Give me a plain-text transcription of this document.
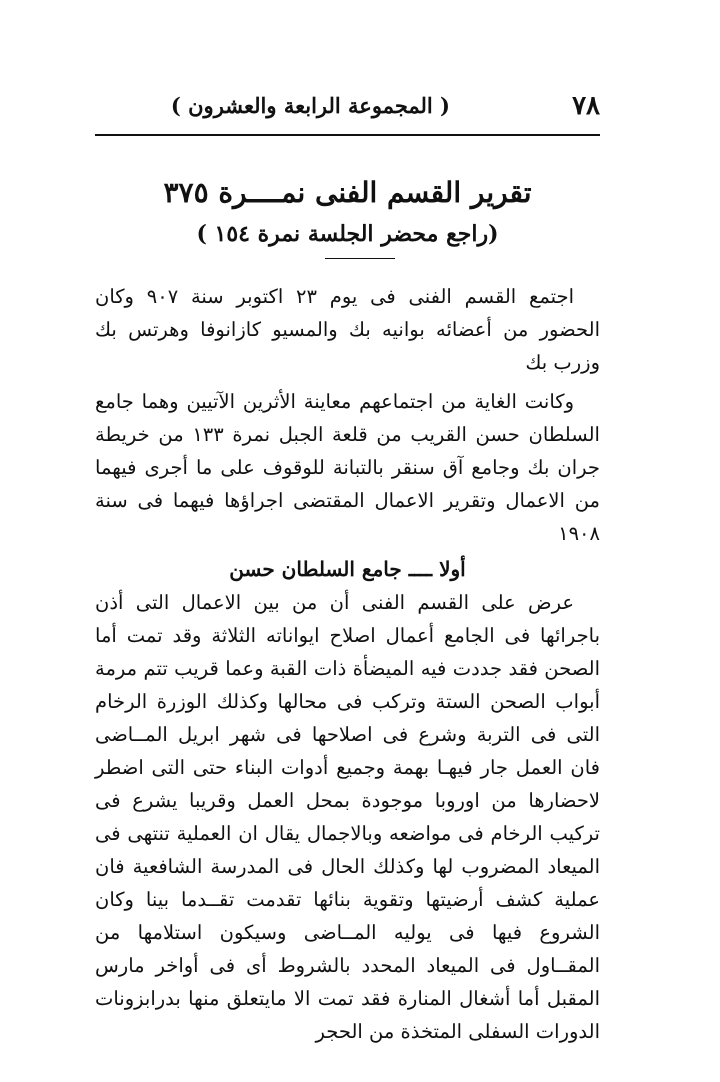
٧٨
( المجموعة الرابعة والعشرون )
تقرير القسم الفنى نمــــرة ٣٧٥
(راجع محضر الجلسة نمرة ١٥٤ )

اجتمع القسم الفنى فى يوم ٢٣ اكتوبر سنة ٩٠٧ وكان الحضور من أعضائه بوانيه بك والمسيو كازانوفا وهرتس بك وزرب بك

وكانت الغاية من اجتماعهم معاينة الأثرين الآتيين وهما جامع السلطان حسن القريب من قلعة الجبل نمرة ١٣٣ من خريطة جران بك وجامع آق سنقر بالتبانة للوقوف على ما أجرى فيهما من الاعمال وتقرير الاعمال المقتضى اجراؤها فيهما فى سنة ١٩٠٨

أولا ــــ جامع السلطان حسن

عرض على القسم الفنى أن من بين الاعمال التى أذن باجرائها فى الجامع أعمال اصلاح ايواناته الثلاثة وقد تمت أما الصحن فقد جددت فيه الميضأة ذات القبة وعما قريب تتم مرمة أبواب الصحن الستة وتركب فى محالها وكذلك الوزرة الرخام التى فى التربة وشرع فى اصلاحها فى شهر ابريل المــاضى فان العمل جار فيهـا بهمة وجميع أدوات البناء حتى التى اضطر لاحضارها من اوروبا موجودة بمحل العمل وقريبا يشرع فى تركيب الرخام فى مواضعه وبالاجمال يقال ان العملية تنتهى فى الميعاد المضروب لها وكذلك الحال فى المدرسة الشافعية فان عملية كشف أرضيتها وتقوية بنائها تقدمت تقــدما بينا وكان الشروع فيها فى يوليه المــاضى وسيكون استلامها من المقــاول فى الميعاد المحدد بالشروط أى فى أواخر مارس المقبل أما أشغال المنارة فقد تمت الا مايتعلق منها بدرابزونات الدورات السفلى المتخذة من الحجر
